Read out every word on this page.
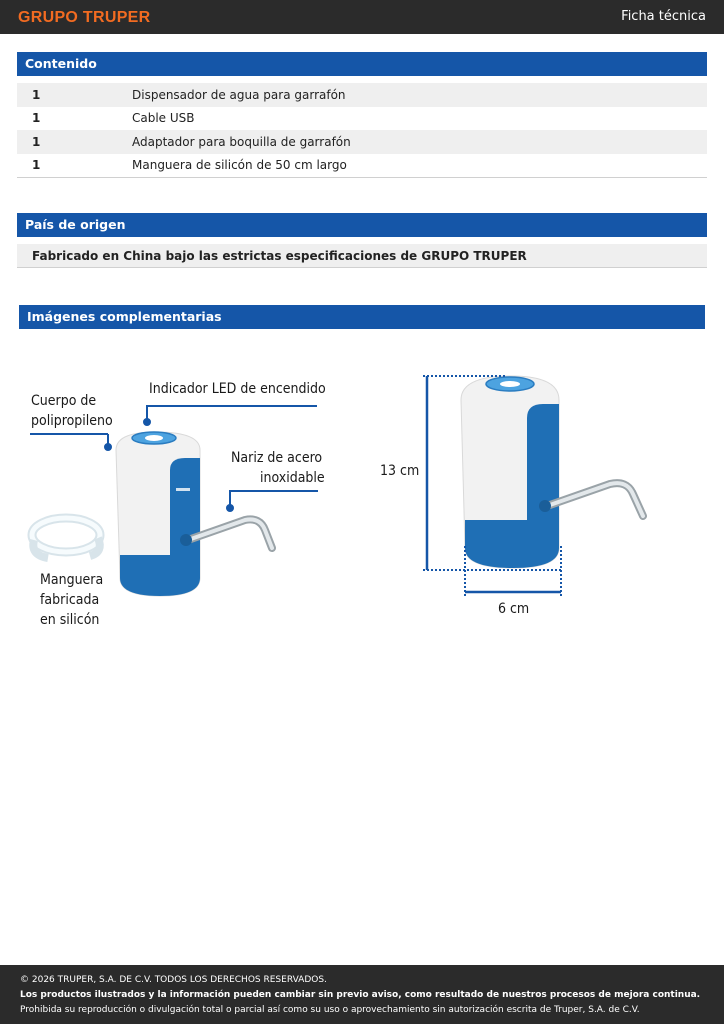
GRUPO TRUPER	Ficha técnica
Contenido
1	Dispensador de agua para garrafón
1	Cable USB
1	Adaptador para boquilla de garrafón
1	Manguera de silicón de 50 cm largo
País de origen
Fabricado en China bajo las estrictas especificaciones de GRUPO TRUPER
Imágenes complementarias
Indicador LED de encendido
Cuerpo de
polipropileno
Nariz de acero
inoxidable
Manguera
fabricada
en silicón
13 cm
6 cm
© 2026 TRUPER, S.A. DE C.V. TODOS LOS DERECHOS RESERVADOS.
Los productos ilustrados y la información pueden cambiar sin previo aviso, como resultado de nuestros procesos de mejora continua.
Prohibida su reproducción o divulgación total o parcial así como su uso o aprovechamiento sin autorización escrita de Truper, S.A. de C.V.
